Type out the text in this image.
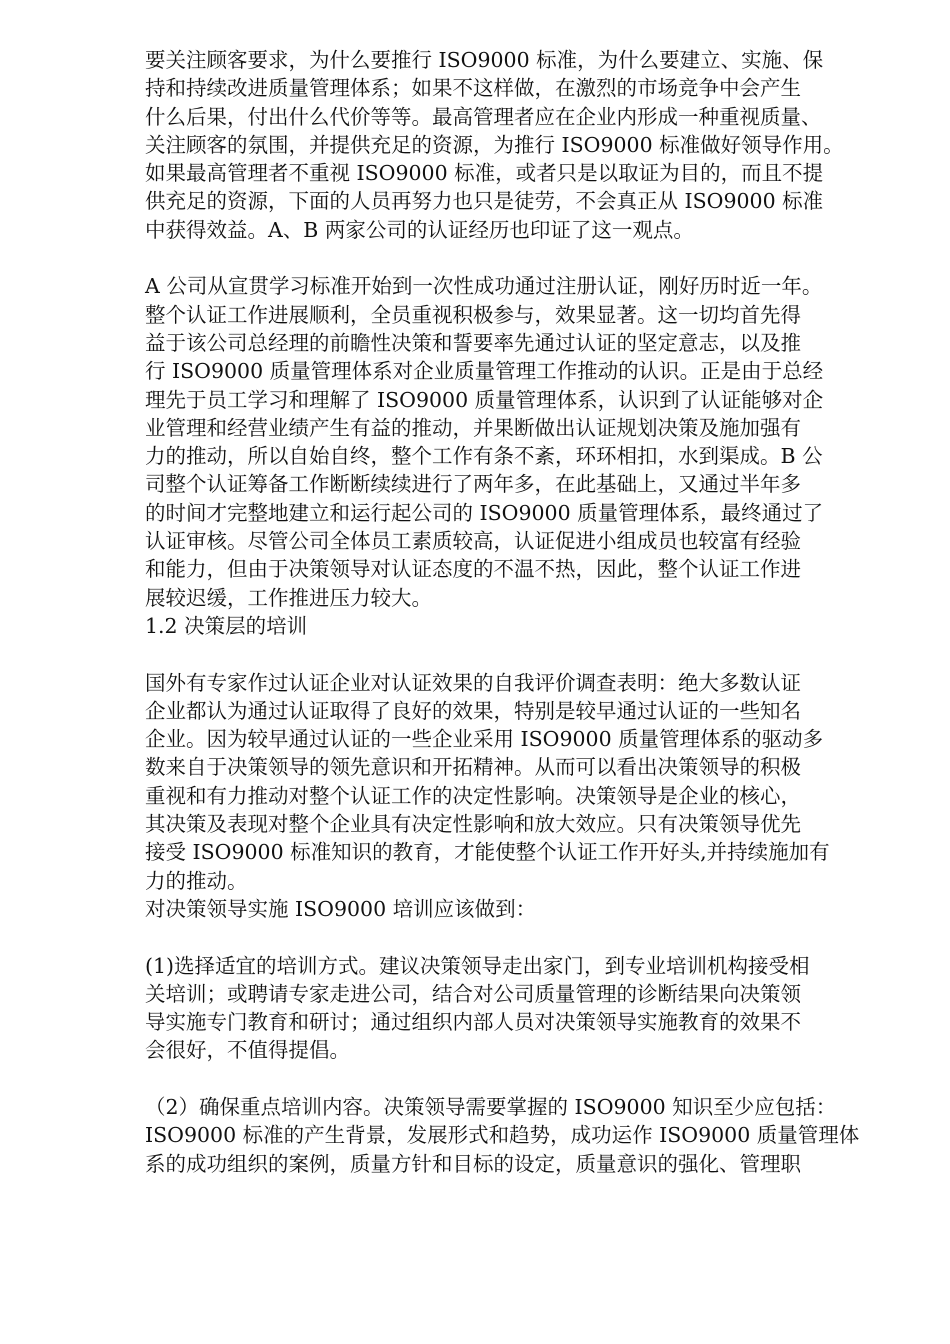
要关注顾客要求，为什么要推行 ISO9000 标准，为什么要建立、实施、保
持和持续改进质量管理体系；如果不这样做，在激烈的市场竞争中会产生
什么后果，付出什么代价等等。最高管理者应在企业内形成一种重视质量、
关注顾客的氛围，并提供充足的资源，为推行 ISO9000 标准做好领导作用。
如果最高管理者不重视 ISO9000 标准，或者只是以取证为目的，而且不提
供充足的资源，下面的人员再努力也只是徒劳，不会真正从 ISO9000 标准
中获得效益。A、B 两家公司的认证经历也印证了这一观点。

A 公司从宣贯学习标准开始到一次性成功通过注册认证，刚好历时近一年。
整个认证工作进展顺利，全员重视积极参与，效果显著。这一切均首先得
益于该公司总经理的前瞻性决策和誓要率先通过认证的坚定意志，以及推
行 ISO9000 质量管理体系对企业质量管理工作推动的认识。正是由于总经
理先于员工学习和理解了 ISO9000 质量管理体系，认识到了认证能够对企
业管理和经营业绩产生有益的推动，并果断做出认证规划决策及施加强有
力的推动，所以自始自终，整个工作有条不紊，环环相扣，水到渠成。B 公
司整个认证筹备工作断断续续进行了两年多，在此基础上，又通过半年多
的时间才完整地建立和运行起公司的 ISO9000 质量管理体系，最终通过了
认证审核。尽管公司全体员工素质较高，认证促进小组成员也较富有经验
和能力，但由于决策领导对认证态度的不温不热，因此，整个认证工作进
展较迟缓，工作推进压力较大。

1.2 决策层的培训

国外有专家作过认证企业对认证效果的自我评价调查表明：绝大多数认证
企业都认为通过认证取得了良好的效果，特别是较早通过认证的一些知名
企业。因为较早通过认证的一些企业采用 ISO9000 质量管理体系的驱动多
数来自于决策领导的领先意识和开拓精神。从而可以看出决策领导的积极
重视和有力推动对整个认证工作的决定性影响。决策领导是企业的核心，
其决策及表现对整个企业具有决定性影响和放大效应。只有决策领导优先
接受 ISO9000 标准知识的教育，才能使整个认证工作开好头,并持续施加有
力的推动。
对决策领导实施 ISO9000 培训应该做到：

(1)选择适宜的培训方式。建议决策领导走出家门，到专业培训机构接受相
关培训；或聘请专家走进公司，结合对公司质量管理的诊断结果向决策领
导实施专门教育和研讨；通过组织内部人员对决策领导实施教育的效果不
会很好，不值得提倡。

（2）确保重点培训内容。决策领导需要掌握的 ISO9000 知识至少应包括：
ISO9000 标准的产生背景，发展形式和趋势，成功运作 ISO9000 质量管理体
系的成功组织的案例，质量方针和目标的设定，质量意识的强化、管理职
